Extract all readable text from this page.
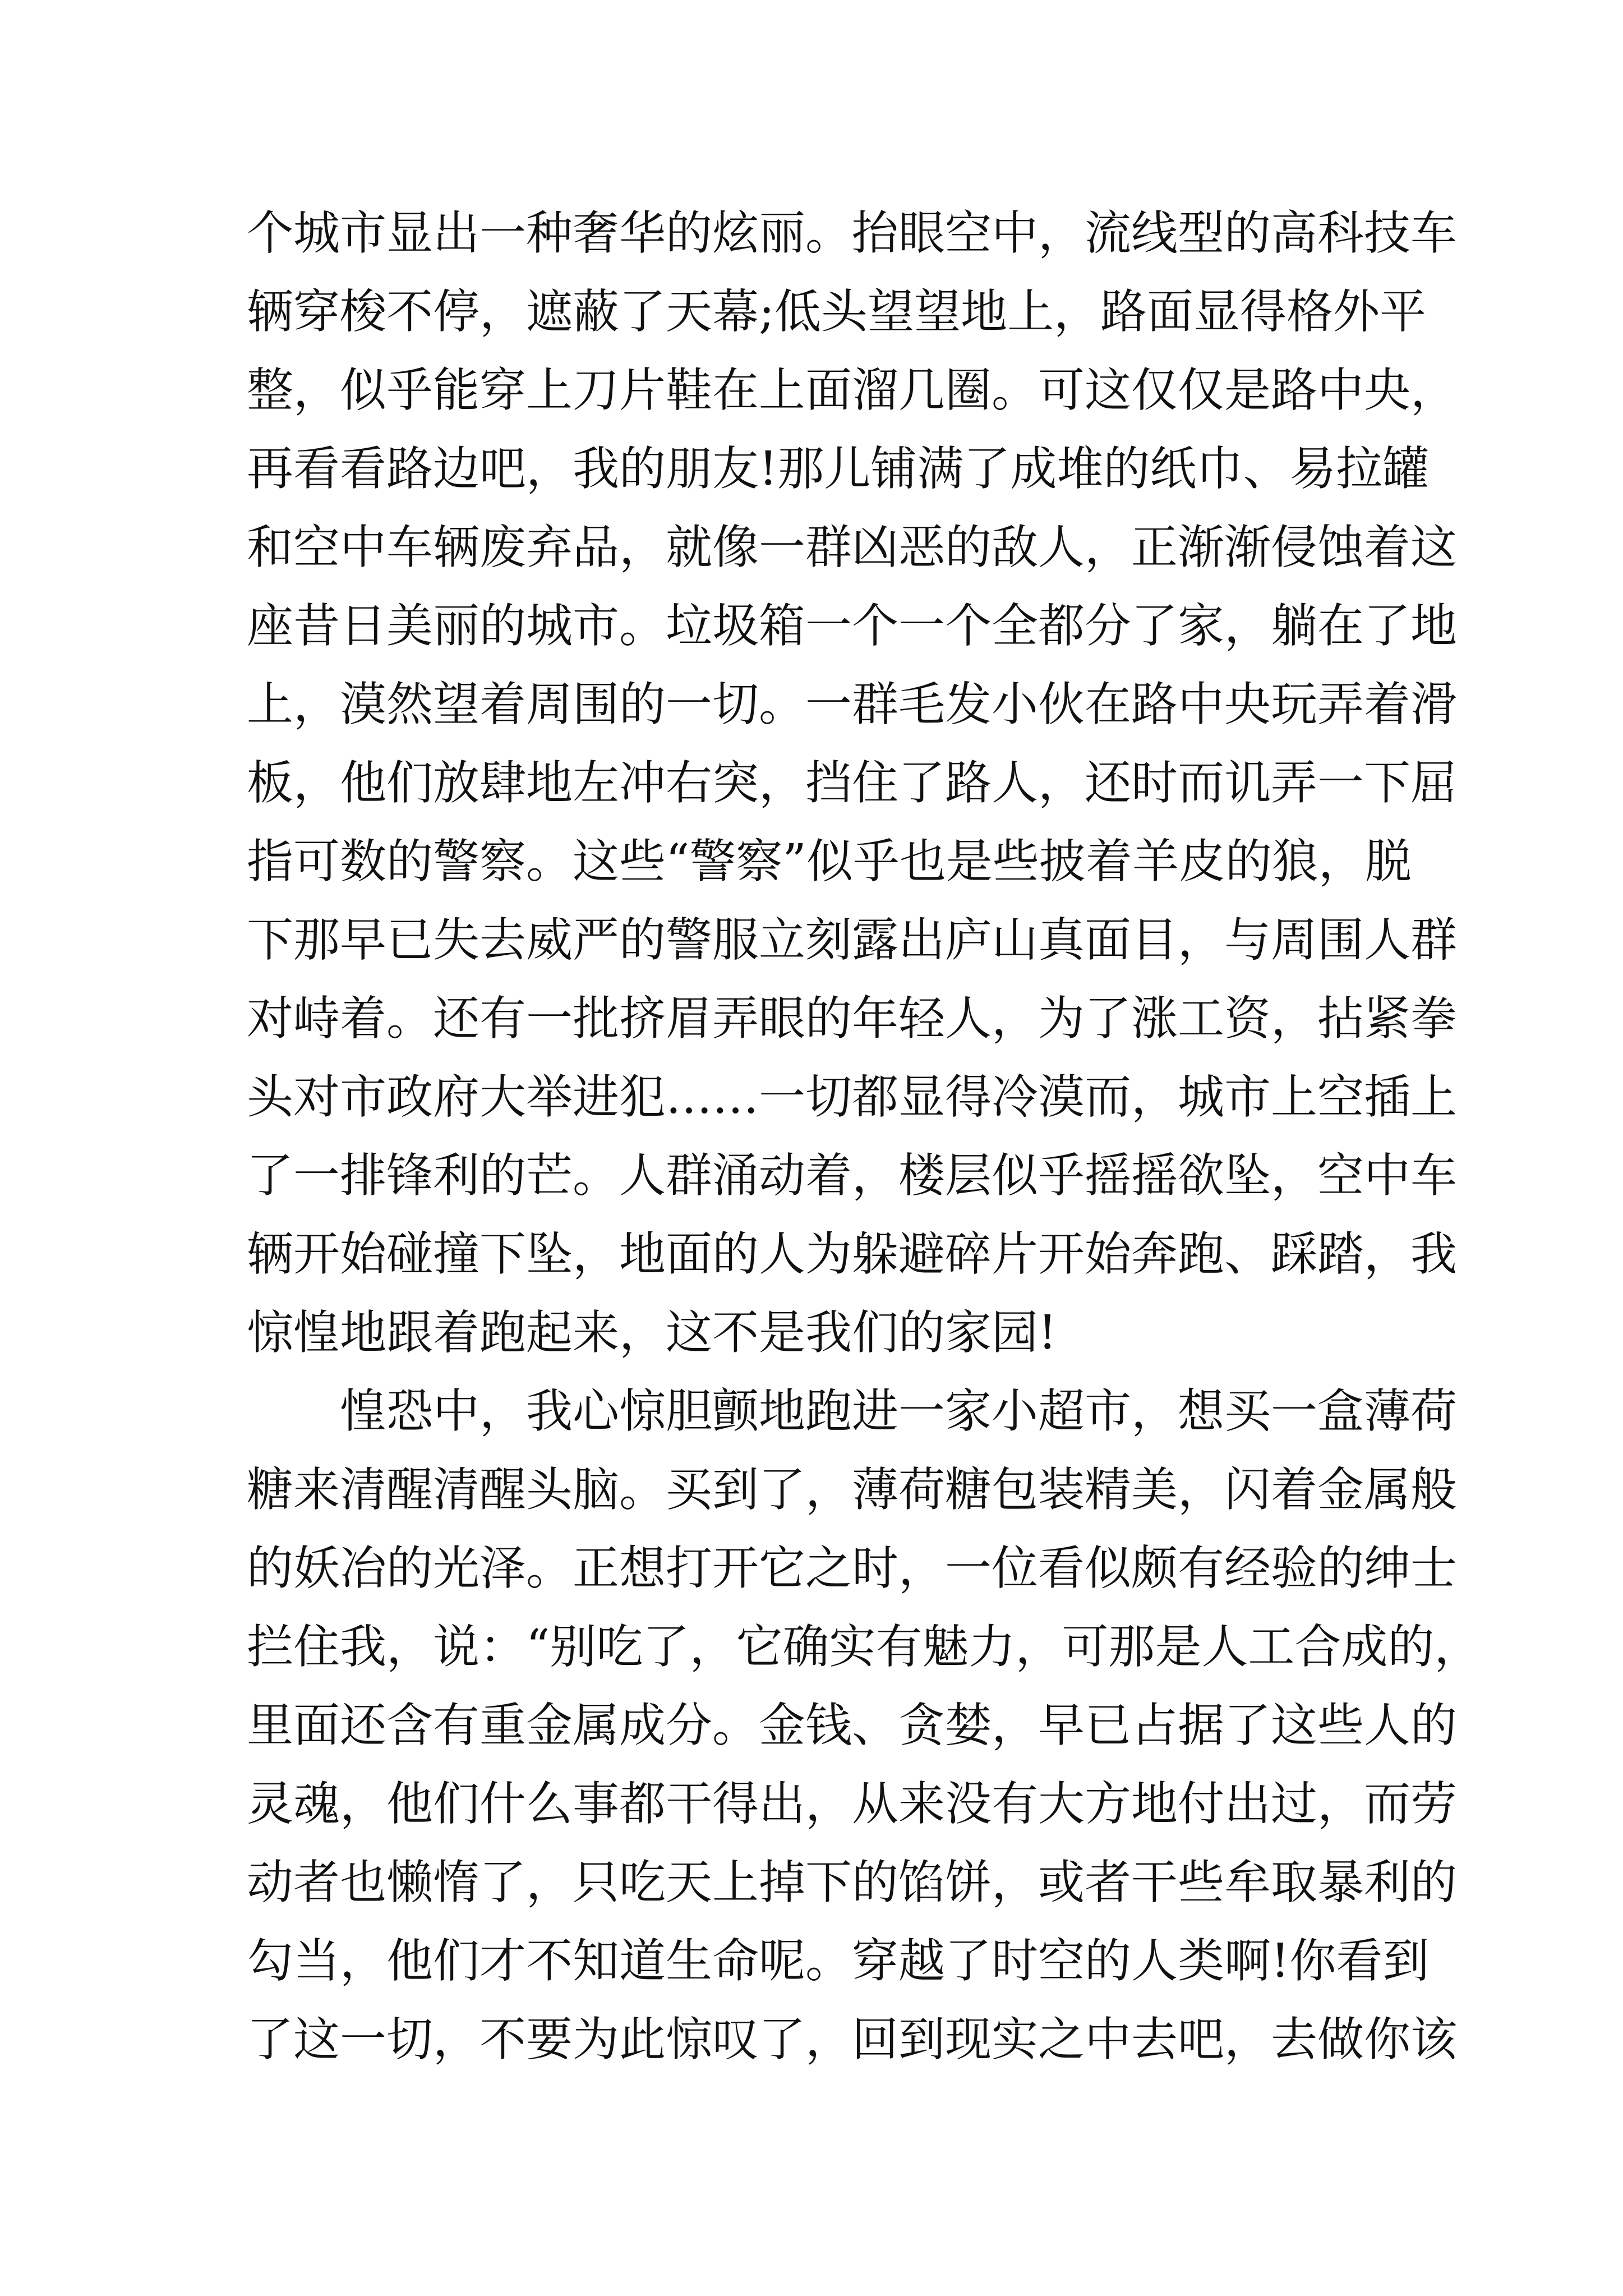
个城市显出一种奢华的炫丽。抬眼空中，流线型的高科技车
辆穿梭不停，遮蔽了天幕;低头望望地上，路面显得格外平
整，似乎能穿上刀片鞋在上面溜几圈。可这仅仅是路中央，
再看看路边吧，我的朋友!那儿铺满了成堆的纸巾、易拉罐
和空中车辆废弃品，就像一群凶恶的敌人，正渐渐侵蚀着这
座昔日美丽的城市。垃圾箱一个一个全都分了家，躺在了地
上，漠然望着周围的一切。一群毛发小伙在路中央玩弄着滑
板，他们放肆地左冲右突，挡住了路人，还时而讥弄一下屈
指可数的警察。这些“警察”似乎也是些披着羊皮的狼，脱
下那早已失去威严的警服立刻露出庐山真面目，与周围人群
对峙着。还有一批挤眉弄眼的年轻人，为了涨工资，拈紧拳
头对市政府大举进犯……一切都显得冷漠而，城市上空插上
了一排锋利的芒。人群涌动着，楼层似乎摇摇欲坠，空中车
辆开始碰撞下坠，地面的人为躲避碎片开始奔跑、踩踏，我
惊惶地跟着跑起来，这不是我们的家园!
惶恐中，我心惊胆颤地跑进一家小超市，想买一盒薄荷
糖来清醒清醒头脑。买到了，薄荷糖包装精美，闪着金属般
的妖冶的光泽。正想打开它之时，一位看似颇有经验的绅士
拦住我，说：“别吃了，它确实有魅力，可那是人工合成的，
里面还含有重金属成分。金钱、贪婪，早已占据了这些人的
灵魂，他们什么事都干得出，从来没有大方地付出过，而劳
动者也懒惰了，只吃天上掉下的馅饼，或者干些牟取暴利的
勾当，他们才不知道生命呢。穿越了时空的人类啊!你看到
了这一切，不要为此惊叹了，回到现实之中去吧，去做你该
